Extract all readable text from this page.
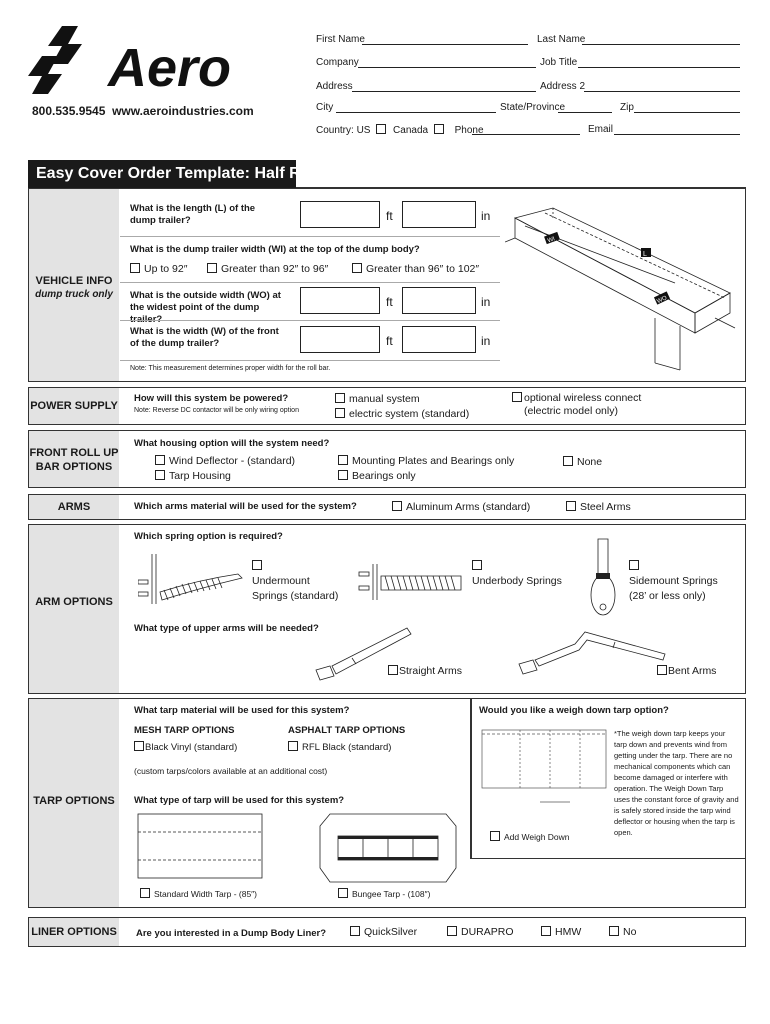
Aero
800.535.9545 www.aeroindustries.com
First Name	Last Name
Company	Job Title
Address	Address 2
City	State/Province	Zip
Country: US Canada	Phone	Email
Easy Cover Order Template: Half Round
VEHICLE INFO
dump truck only
What is the length (L) of the dump trailer?	ft	in
What is the dump trailer width (WI) at the top of the dump body?
Up to 92″	Greater than 92″ to 96″	Greater than 96″ to 102″
What is the outside width (WO) at the widest point of the dump trailer?
ft	in
What is the width (W) of the front of the dump trailer?	ft	in
Note: This measurement determines proper width for the roll bar.
WI
L
WO
POWER SUPPLY
How will this system be powered?
Note: Reverse DC contactor will be only wiring option
manual system
electric system (standard)
optional wireless connect
(electric model only)
FRONT ROLL UP
BAR OPTIONS
What housing option will the system need?
Wind Deflector - (standard)
Tarp Housing
Mounting Plates and Bearings only
Bearings only
None
ARMS	Which arms material will be used for the system?	Aluminum Arms (standard)	Steel Arms
ARM OPTIONS
Which spring option is required?

Undermount
Springs (standard)

Underbody Springs	Sidemount Springs
(28’ or less only)
What type of upper arms will be needed?
Straight Arms	Bent Arms
TARP OPTIONS
What tarp material will be used for this system?
MESH TARP OPTIONS	ASPHALT TARP OPTIONS
Black Vinyl (standard)	RFL Black (standard)
(custom tarps/colors available at an additional cost)
What type of tarp will be used for this system?
Standard Width Tarp - (85″)	Bungee Tarp - (108″)
Would you like a weigh down tarp option?
*The weigh down tarp keeps your tarp down and prevents wind from getting under the tarp. There are no mechanical components which can become damaged or interfere with operation. The Weigh Down Tarp uses the constant force of gravity and is safely stored inside the tarp wind deflector or housing when the tarp is open.
Add Weigh Down
LINER OPTIONS Are you interested in a Dump Body Liner?	QuickSilver	DURAPRO	HMW	No
